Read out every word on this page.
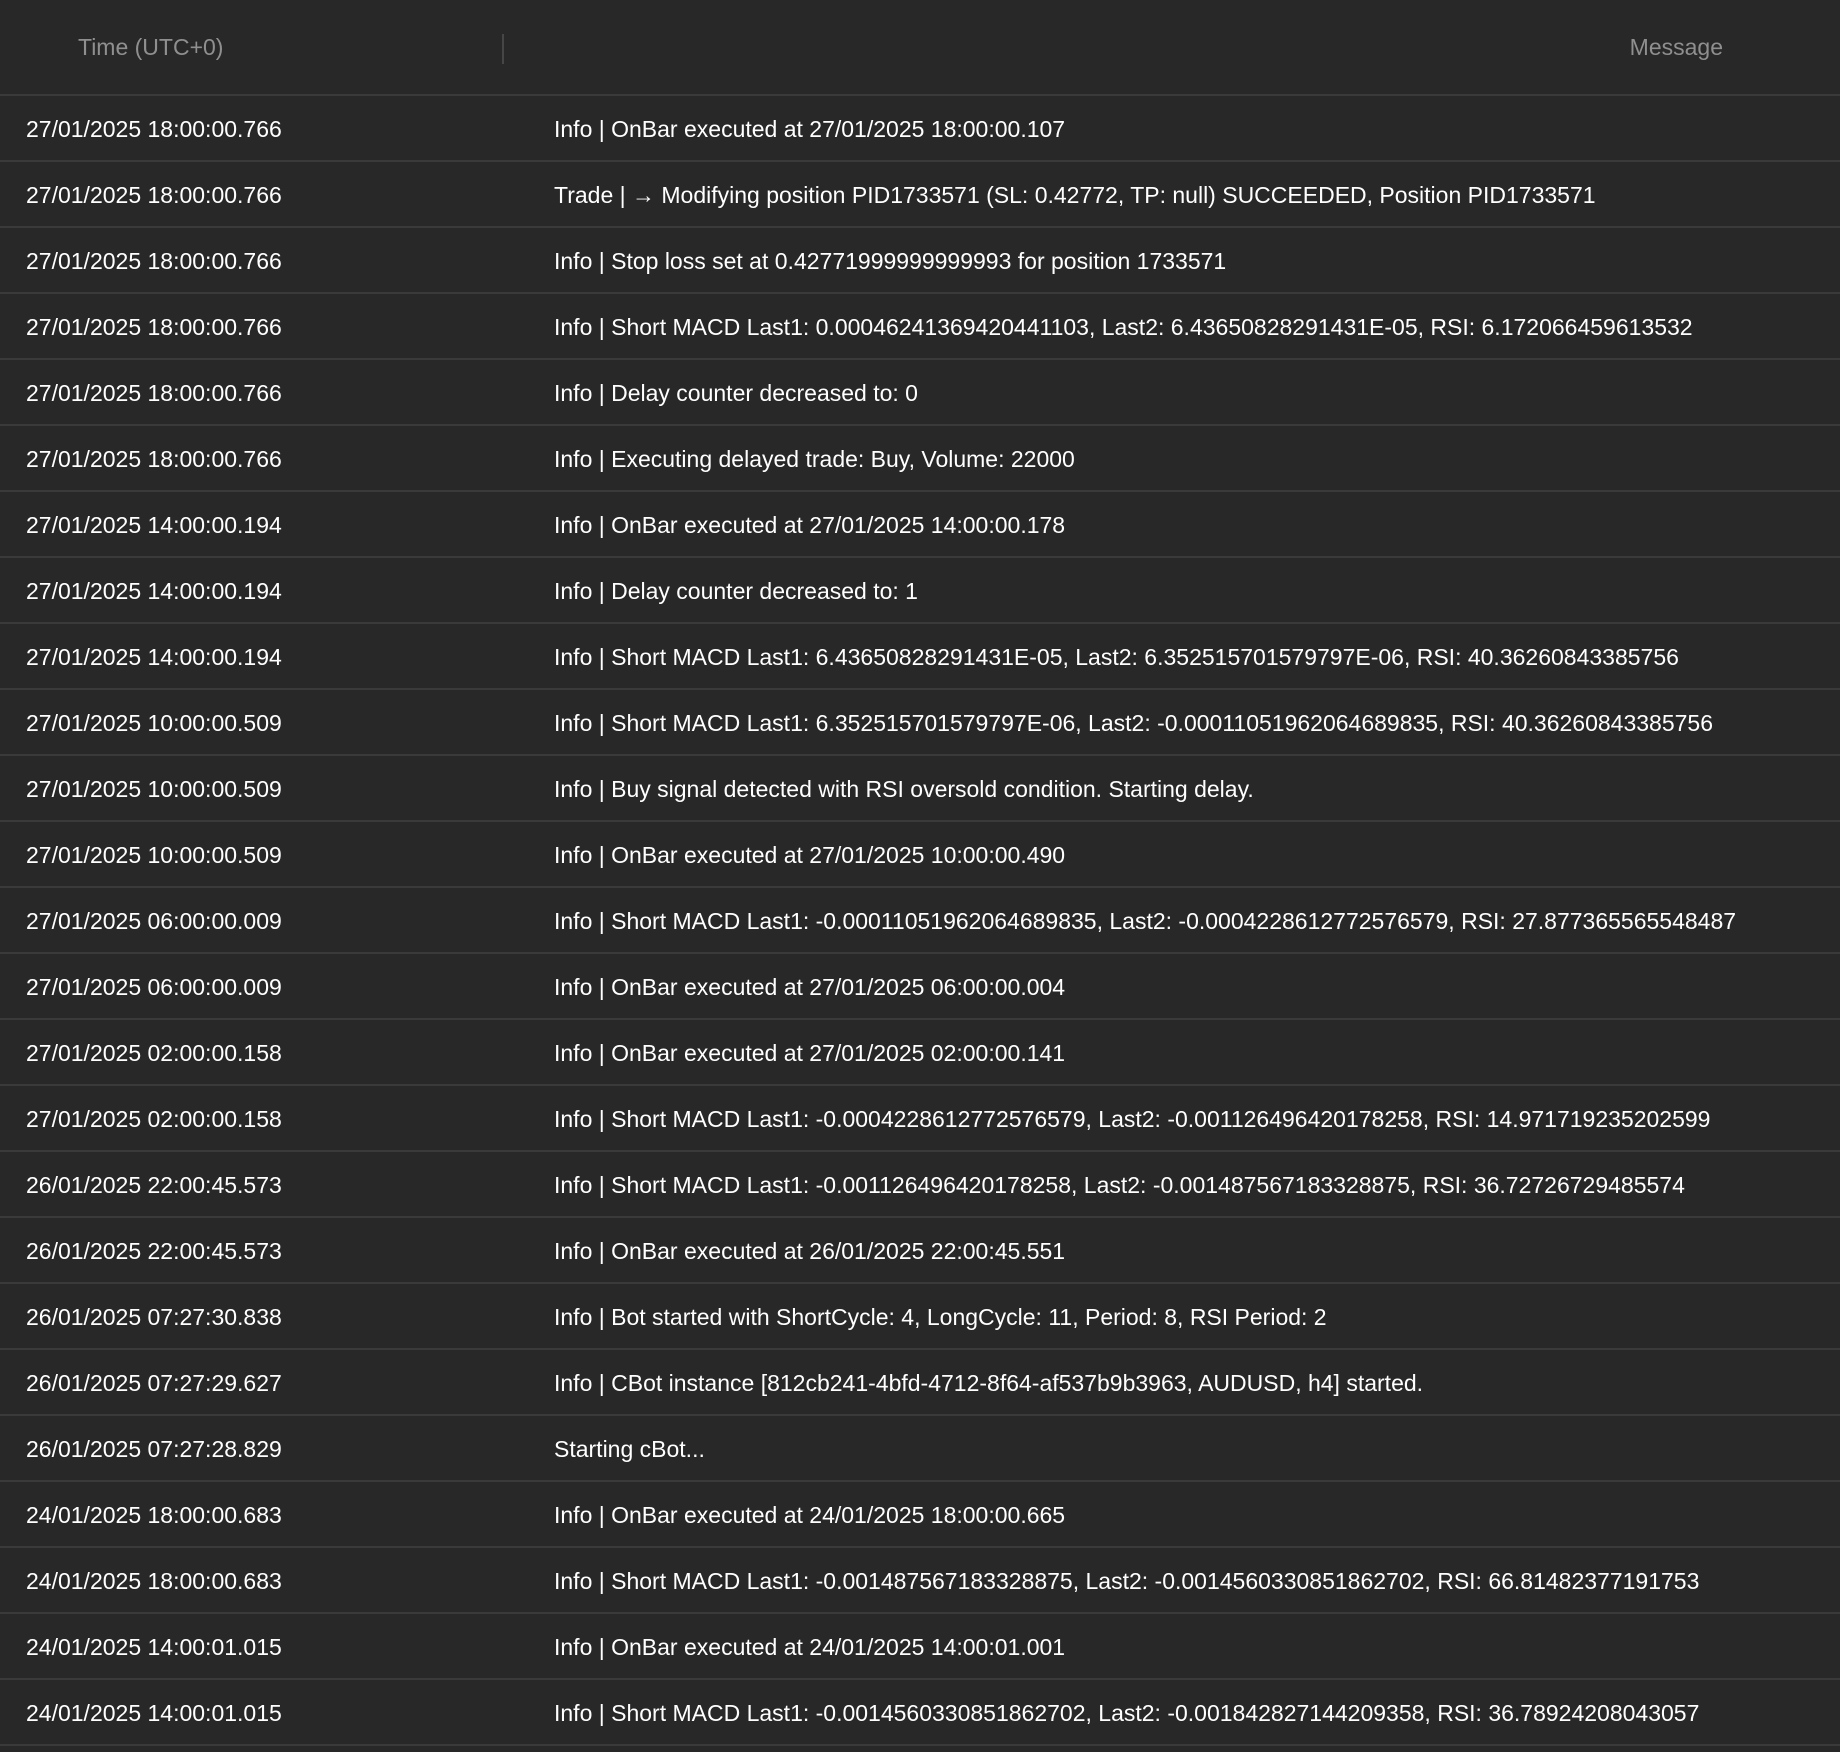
Time (UTC+0)	Message
27/01/2025 18:00:00.766	Info | OnBar executed at 27/01/2025 18:00:00.107
27/01/2025 18:00:00.766	Trade | → Modifying position PID1733571 (SL: 0.42772, TP: null) SUCCEEDED, Position PID1733571
27/01/2025 18:00:00.766	Info | Stop loss set at 0.42771999999999993 for position 1733571
27/01/2025 18:00:00.766	Info | Short MACD Last1: 0.00046241369420441103, Last2: 6.43650828291431E-05, RSI: 6.172066459613532
27/01/2025 18:00:00.766	Info | Delay counter decreased to: 0
27/01/2025 18:00:00.766	Info | Executing delayed trade: Buy, Volume: 22000
27/01/2025 14:00:00.194	Info | OnBar executed at 27/01/2025 14:00:00.178
27/01/2025 14:00:00.194	Info | Delay counter decreased to: 1
27/01/2025 14:00:00.194	Info | Short MACD Last1: 6.43650828291431E-05, Last2: 6.352515701579797E-06, RSI: 40.36260843385756
27/01/2025 10:00:00.509	Info | Short MACD Last1: 6.352515701579797E-06, Last2: -0.00011051962064689835, RSI: 40.36260843385756
27/01/2025 10:00:00.509	Info | Buy signal detected with RSI oversold condition. Starting delay.
27/01/2025 10:00:00.509	Info | OnBar executed at 27/01/2025 10:00:00.490
27/01/2025 06:00:00.009	Info | Short MACD Last1: -0.00011051962064689835, Last2: -0.0004228612772576579, RSI: 27.877365565548487
27/01/2025 06:00:00.009	Info | OnBar executed at 27/01/2025 06:00:00.004
27/01/2025 02:00:00.158	Info | OnBar executed at 27/01/2025 02:00:00.141
27/01/2025 02:00:00.158	Info | Short MACD Last1: -0.0004228612772576579, Last2: -0.001126496420178258, RSI: 14.971719235202599
26/01/2025 22:00:45.573	Info | Short MACD Last1: -0.001126496420178258, Last2: -0.001487567183328875, RSI: 36.72726729485574
26/01/2025 22:00:45.573	Info | OnBar executed at 26/01/2025 22:00:45.551
26/01/2025 07:27:30.838	Info | Bot started with ShortCycle: 4, LongCycle: 11, Period: 8, RSI Period: 2
26/01/2025 07:27:29.627	Info | CBot instance [812cb241-4bfd-4712-8f64-af537b9b3963, AUDUSD, h4] started.
26/01/2025 07:27:28.829	Starting cBot...
24/01/2025 18:00:00.683	Info | OnBar executed at 24/01/2025 18:00:00.665
24/01/2025 18:00:00.683	Info | Short MACD Last1: -0.001487567183328875, Last2: -0.0014560330851862702, RSI: 66.81482377191753
24/01/2025 14:00:01.015	Info | OnBar executed at 24/01/2025 14:00:01.001
24/01/2025 14:00:01.015	Info | Short MACD Last1: -0.0014560330851862702, Last2: -0.001842827144209358, RSI: 36.78924208043057
